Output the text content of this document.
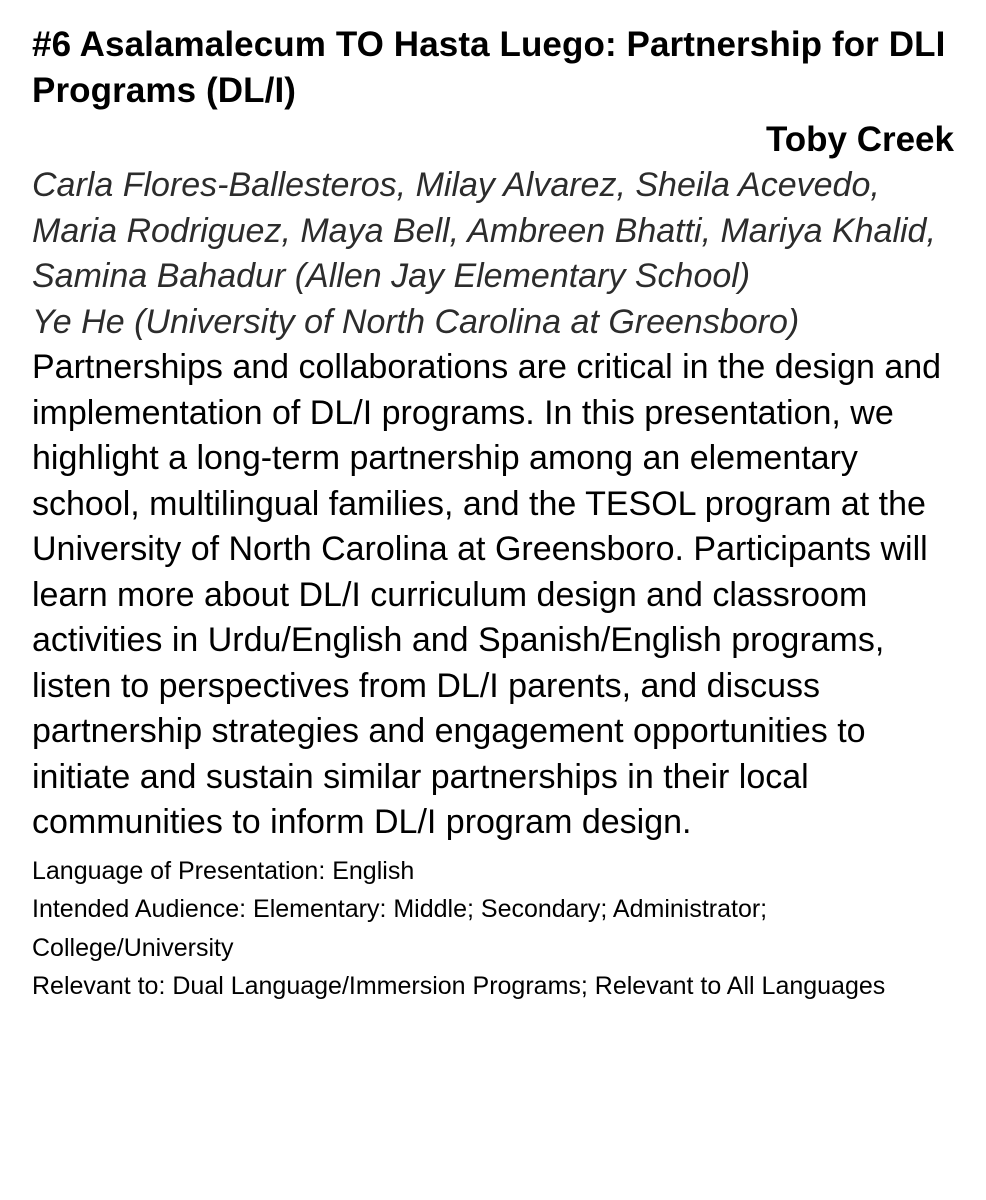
#6 Asalamalecum TO Hasta Luego: Partnership for DLI Programs (DL/I)
Toby Creek

Carla Flores-Ballesteros, Milay Alvarez, Sheila Acevedo, Maria Rodriguez, Maya Bell, Ambreen Bhatti, Mariya Khalid, Samina Bahadur (Allen Jay Elementary School)

Ye He (University of North Carolina at Greensboro)

Partnerships and collaborations are critical in the design and implementation of DL/I programs. In this presentation, we highlight a long-term partnership among an elementary school, multilingual families, and the TESOL program at the University of North Carolina at Greensboro. Participants will learn more about DL/I curriculum design and classroom activities in Urdu/English and Spanish/English programs, listen to perspectives from DL/I parents, and discuss partnership strategies and engagement opportunities to initiate and sustain similar partnerships in their local communities to inform DL/I program design.

Language of Presentation: English

Intended Audience: Elementary: Middle; Secondary; Administrator; College/University

Relevant to: Dual Language/Immersion Programs; Relevant to All Languages
